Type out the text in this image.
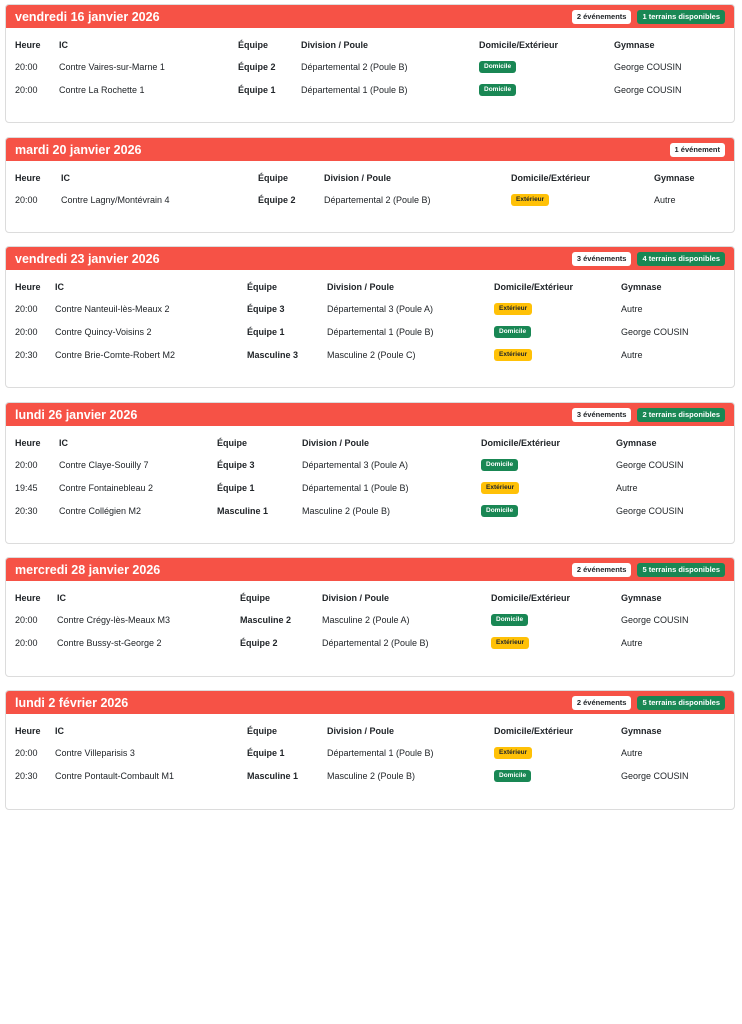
vendredi 16 janvier 2026	2 événements	1 terrains disponibles
Heure	IC	Équipe	Division / Poule	Domicile/Extérieur	Gymnase
20:00	Contre Vaires-sur-Marne 1	Équipe 2	Départemental 2 (Poule B)	Domicile	George COUSIN
20:00	Contre La Rochette 1	Équipe 1	Départemental 1 (Poule B)	Domicile	George COUSIN
mardi 20 janvier 2026	1 événement
Heure	IC	Équipe	Division / Poule	Domicile/Extérieur	Gymnase
20:00	Contre Lagny/Montévrain 4	Équipe 2	Départemental 2 (Poule B)	Extérieur	Autre
vendredi 23 janvier 2026	3 événements	4 terrains disponibles
Heure	IC	Équipe	Division / Poule	Domicile/Extérieur	Gymnase
20:00	Contre Nanteuil-lès-Meaux 2	Équipe 3	Départemental 3 (Poule A)	Extérieur	Autre
20:00	Contre Quincy-Voisins 2	Équipe 1	Départemental 1 (Poule B)	Domicile	George COUSIN
20:30	Contre Brie-Comte-Robert M2	Masculine 3	Masculine 2 (Poule C)	Extérieur	Autre
lundi 26 janvier 2026	3 événements	2 terrains disponibles
Heure	IC	Équipe	Division / Poule	Domicile/Extérieur	Gymnase
20:00	Contre Claye-Souilly 7	Équipe 3	Départemental 3 (Poule A)	Domicile	George COUSIN
19:45	Contre Fontainebleau 2	Équipe 1	Départemental 1 (Poule B)	Extérieur	Autre
20:30	Contre Collégien M2	Masculine 1	Masculine 2 (Poule B)	Domicile	George COUSIN
mercredi 28 janvier 2026	2 événements	5 terrains disponibles
Heure	IC	Équipe	Division / Poule	Domicile/Extérieur	Gymnase
20:00	Contre Crégy-lès-Meaux M3	Masculine 2	Masculine 2 (Poule A)	Domicile	George COUSIN
20:00	Contre Bussy-st-George 2	Équipe 2	Départemental 2 (Poule B)	Extérieur	Autre
lundi 2 février 2026	2 événements	5 terrains disponibles
Heure	IC	Équipe	Division / Poule	Domicile/Extérieur	Gymnase
20:00	Contre Villeparisis 3	Équipe 1	Départemental 1 (Poule B)	Extérieur	Autre
20:30	Contre Pontault-Combault M1	Masculine 1	Masculine 2 (Poule B)	Domicile	George COUSIN
